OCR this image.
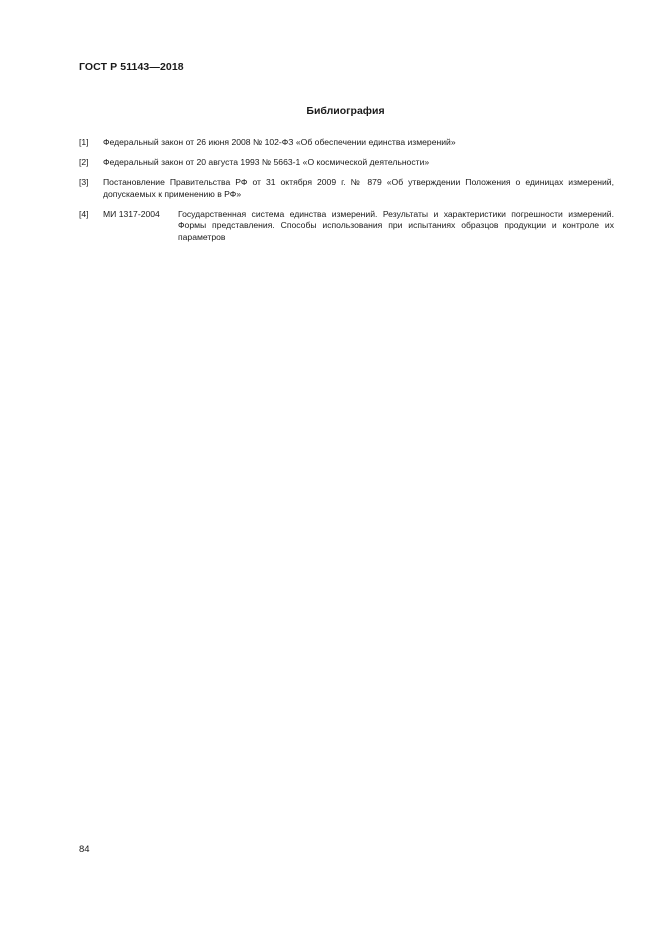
ГОСТ Р 51143—2018
Библиография
[1]	Федеральный закон от 26 июня 2008 № 102-ФЗ «Об обеспечении единства измерений»
[2]	Федеральный закон от 20 августа 1993 № 5663-1 «О космической деятельности»
[3]	Постановление Правительства РФ от 31 октября 2009 г. № 879 «Об утверждении Положения о единицах измерений, допускаемых к применению в РФ»
[4]	МИ 1317-2004	Государственная система единства измерений. Результаты и характеристики погрешности измерений. Формы представления. Способы использования при испытаниях образцов продукции и контроле их параметров
84
